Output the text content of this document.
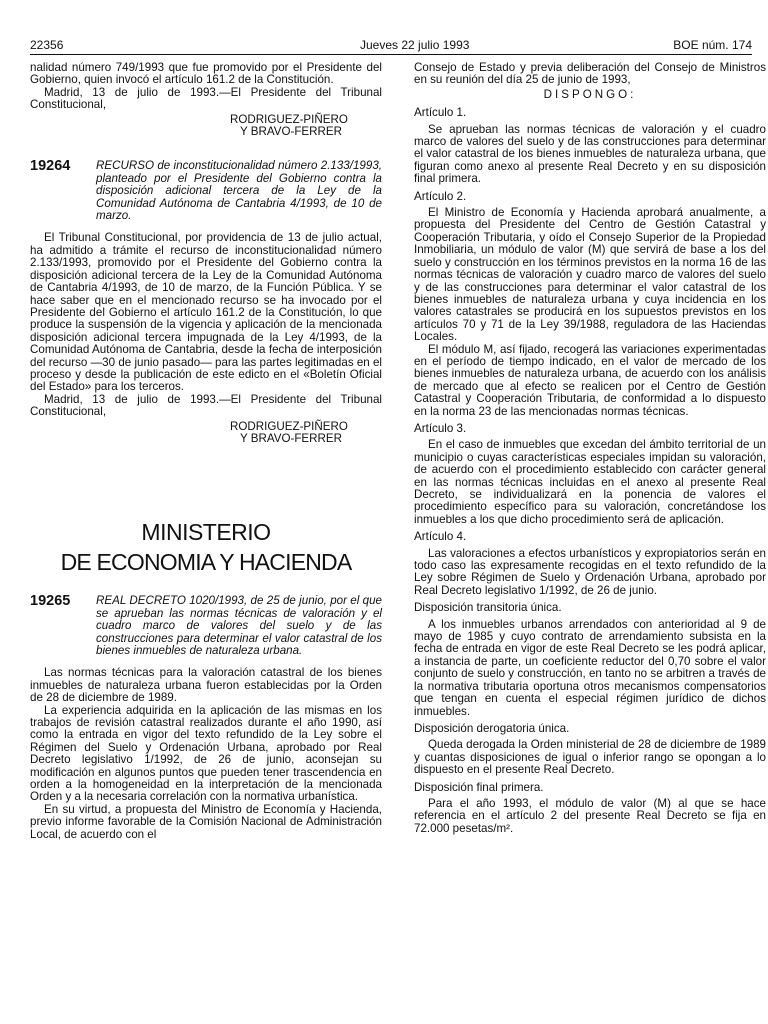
22356	Jueves 22 julio 1993	BOE núm. 174

nalidad número 749/1993 que fue promovido por el Presidente del Gobierno, quien invocó el artículo 161.2 de la Constitución.

Madrid, 13 de julio de 1993.—El Presidente del Tribunal Constitucional,

RODRIGUEZ-PIÑERO
Y BRAVO-FERRER
19264	RECURSO de inconstitucionalidad número 2.133/1993, planteado por el Presidente del Gobierno contra la disposición adicional tercera de la Ley de la Comunidad Autónoma de Cantabria 4/1993, de 10 de marzo.

El Tribunal Constitucional, por providencia de 13 de julio actual, ha admitido a trámite el recurso de inconstitucionalidad número 2.133/1993, promovido por el Presidente del Gobierno contra la disposición adicional tercera de la Ley de la Comunidad Autónoma de Cantabria 4/1993, de 10 de marzo, de la Función Pública. Y se hace saber que en el mencionado recurso se ha invocado por el Presidente del Gobierno el artículo 161.2 de la Constitución, lo que produce la suspensión de la vigencia y aplicación de la mencionada disposición adicional tercera impugnada de la Ley 4/1993, de la Comunidad Autónoma de Cantabria, desde la fecha de interposición del recurso —30 de junio pasado— para las partes legitimadas en el proceso y desde la publicación de este edicto en el «Boletín Oficial del Estado» para los terceros.

Madrid, 13 de julio de 1993.—El Presidente del Tribunal Constitucional,

RODRIGUEZ-PIÑERO
Y BRAVO-FERRER
MINISTERIO
DE ECONOMIA Y HACIENDA
19265	REAL DECRETO 1020/1993, de 25 de junio, por el que se aprueban las normas técnicas de valoración y el cuadro marco de valores del suelo y de las construcciones para determinar el valor catastral de los bienes inmuebles de naturaleza urbana.

Las normas técnicas para la valoración catastral de los bienes inmuebles de naturaleza urbana fueron establecidas por la Orden de 28 de diciembre de 1989.

La experiencia adquirida en la aplicación de las mismas en los trabajos de revisión catastral realizados durante el año 1990, así como la entrada en vigor del texto refundido de la Ley sobre el Régimen del Suelo y Ordenación Urbana, aprobado por Real Decreto legislativo 1/1992, de 26 de junio, aconsejan su modificación en algunos puntos que pueden tener trascendencia en orden a la homogeneidad en la interpretación de la mencionada Orden y a la necesaria correlación con la normativa urbanística.

En su virtud, a propuesta del Ministro de Economía y Hacienda, previo informe favorable de la Comisión Nacional de Administración Local, de acuerdo con el

Consejo de Estado y previa deliberación del Consejo de Ministros en su reunión del día 25 de junio de 1993,

DISPONGO:
Artículo 1.

Se aprueban las normas técnicas de valoración y el cuadro marco de valores del suelo y de las construcciones para determinar el valor catastral de los bienes inmuebles de naturaleza urbana, que figuran como anexo al presente Real Decreto y en su disposición final primera.

Artículo 2.

El Ministro de Economía y Hacienda aprobará anualmente, a propuesta del Presidente del Centro de Gestión Catastral y Cooperación Tributaria, y oído el Consejo Superior de la Propiedad Inmobiliaria, un módulo de valor (M) que servirá de base a los del suelo y construcción en los términos previstos en la norma 16 de las normas técnicas de valoración y cuadro marco de valores del suelo y de las construcciones para determinar el valor catastral de los bienes inmuebles de naturaleza urbana y cuya incidencia en los valores catastrales se producirá en los supuestos previstos en los artículos 70 y 71 de la Ley 39/1988, reguladora de las Haciendas Locales.

El módulo M, así fijado, recogerá las variaciones experimentadas en el período de tiempo indicado, en el valor de mercado de los bienes inmuebles de naturaleza urbana, de acuerdo con los análisis de mercado que al efecto se realicen por el Centro de Gestión Catastral y Cooperación Tributaria, de conformidad a lo dispuesto en la norma 23 de las mencionadas normas técnicas.

Artículo 3.

En el caso de inmuebles que excedan del ámbito territorial de un municipio o cuyas características especiales impidan su valoración, de acuerdo con el procedimiento establecido con carácter general en las normas técnicas incluidas en el anexo al presente Real Decreto, se individualizará en la ponencia de valores el procedimiento específico para su valoración, concretándose los inmuebles a los que dicho procedimiento será de aplicación.

Artículo 4.

Las valoraciones a efectos urbanísticos y expropiatorios serán en todo caso las expresamente recogidas en el texto refundido de la Ley sobre Régimen de Suelo y Ordenación Urbana, aprobado por Real Decreto legislativo 1/1992, de 26 de junio.

Disposición transitoria única.

A los inmuebles urbanos arrendados con anterioridad al 9 de mayo de 1985 y cuyo contrato de arrendamiento subsista en la fecha de entrada en vigor de este Real Decreto se les podrá aplicar, a instancia de parte, un coeficiente reductor del 0,70 sobre el valor conjunto de suelo y construcción, en tanto no se arbitren a través de la normativa tributaria oportuna otros mecanismos compensatorios que tengan en cuenta el especial régimen jurídico de dichos inmuebles.

Disposición derogatoria única.

Queda derogada la Orden ministerial de 28 de diciembre de 1989 y cuantas disposiciones de igual o inferior rango se opongan a lo dispuesto en el presente Real Decreto.

Disposición final primera.

Para el año 1993, el módulo de valor (M) al que se hace referencia en el artículo 2 del presente Real Decreto se fija en 72.000 pesetas/m².
